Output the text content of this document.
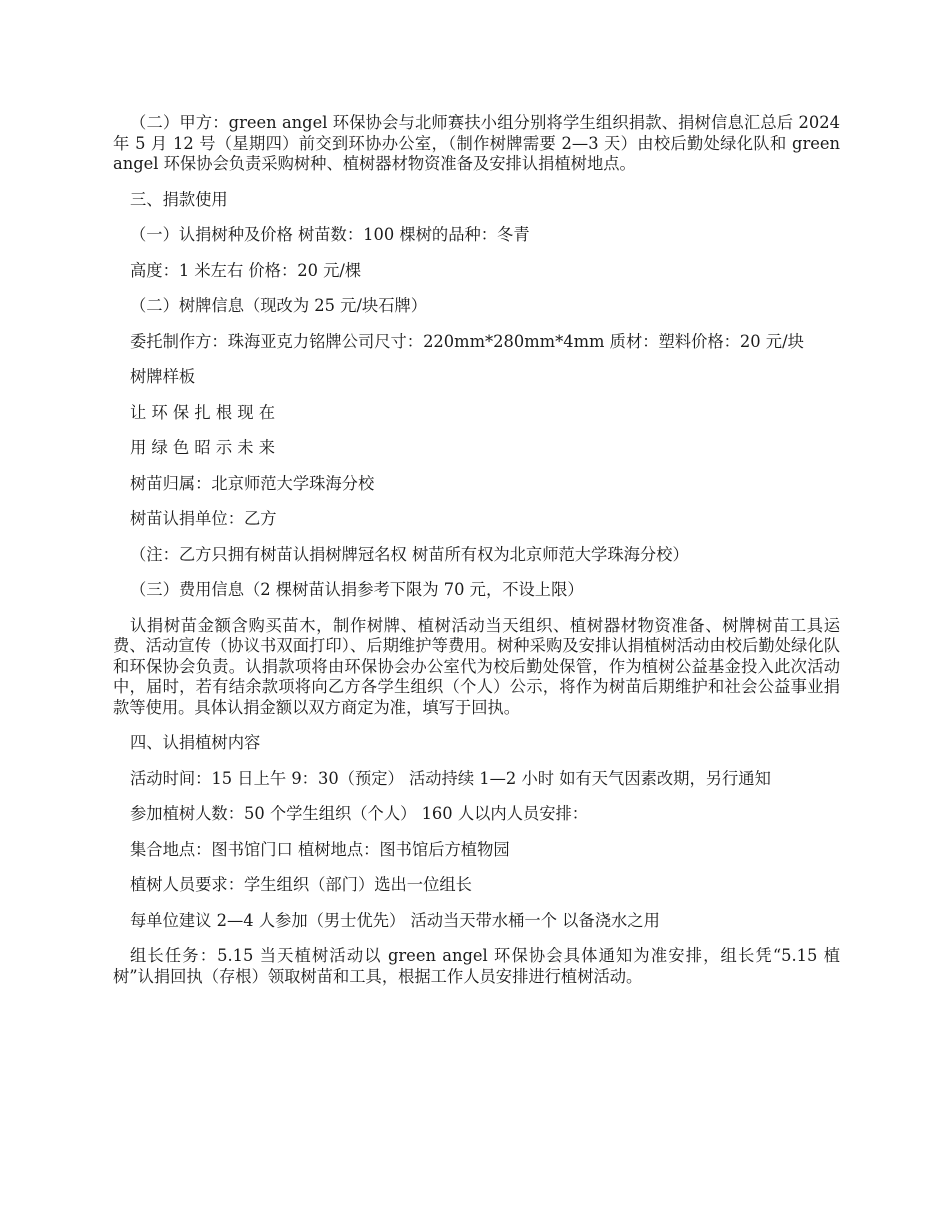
（二）甲方：green angel 环保协会与北师赛扶小组分别将学生组织捐款、捐树信息汇总后 2024 年 5 月 12 号（星期四）前交到环协办公室，（制作树牌需要 2—3 天）由校后勤处绿化队和 green angel 环保协会负责采购树种、植树器材物资准备及安排认捐植树地点。

三、捐款使用

（一）认捐树种及价格 树苗数：100 棵树的品种：冬青

高度：1 米左右 价格：20 元/棵

（二）树牌信息（现改为 25 元/块石牌）

委托制作方：珠海亚克力铭牌公司尺寸：220mm*280mm*4mm 质材：塑料价格：20 元/块

树牌样板

让 环 保 扎 根 现 在

用 绿 色 昭 示 未 来

树苗归属：北京师范大学珠海分校

树苗认捐单位：乙方

（注：乙方只拥有树苗认捐树牌冠名权 树苗所有权为北京师范大学珠海分校）

（三）费用信息（2 棵树苗认捐参考下限为 70 元，不设上限）

认捐树苗金额含购买苗木，制作树牌、植树活动当天组织、植树器材物资准备、树牌树苗工具运费、活动宣传（协议书双面打印）、后期维护等费用。树种采购及安排认捐植树活动由校后勤处绿化队和环保协会负责。认捐款项将由环保协会办公室代为校后勤处保管，作为植树公益基金投入此次活动中，届时，若有结余款项将向乙方各学生组织（个人）公示，将作为树苗后期维护和社会公益事业捐款等使用。具体认捐金额以双方商定为准，填写于回执。

四、认捐植树内容

活动时间：15 日上午 9：30（预定） 活动持续 1—2 小时 如有天气因素改期，另行通知

参加植树人数：50 个学生组织（个人） 160 人以内人员安排：

集合地点：图书馆门口 植树地点：图书馆后方植物园

植树人员要求：学生组织（部门）选出一位组长

每单位建议 2—4 人参加（男士优先） 活动当天带水桶一个 以备浇水之用

组长任务：5.15 当天植树活动以 green angel 环保协会具体通知为准安排，组长凭“5.15 植树”认捐回执（存根）领取树苗和工具，根据工作人员安排进行植树活动。
